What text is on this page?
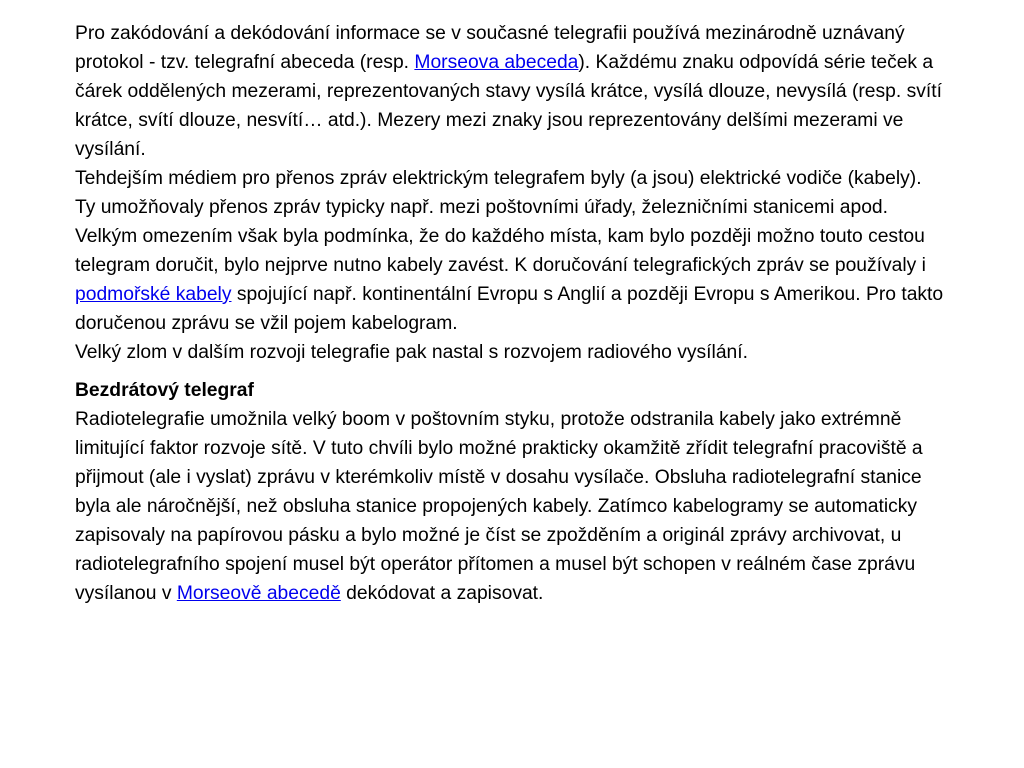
Pro zakódování a dekódování informace se v současné telegrafii používá mezinárodně uznávaný protokol - tzv. telegrafní abeceda (resp. Morseova abeceda). Každému znaku odpovídá série teček a čárek oddělených mezerami, reprezentovaných stavy vysílá krátce, vysílá dlouze, nevysílá (resp. svítí krátce, svítí dlouze, nesvítí… atd.). Mezery mezi znaky jsou reprezentovány delšími mezerami ve vysílání.

Tehdejším médiem pro přenos zpráv elektrickým telegrafem byly (a jsou) elektrické vodiče (kabely). Ty umožňovaly přenos zpráv typicky např. mezi poštovními úřady, železničními stanicemi apod. Velkým omezením však byla podmínka, že do každého místa, kam bylo později možno touto cestou telegram doručit, bylo nejprve nutno kabely zavést. K doručování telegrafických zpráv se používaly i podmořské kabely spojující např. kontinentální Evropu s Anglií a později Evropu s Amerikou. Pro takto doručenou zprávu se vžil pojem kabelogram.

Velký zlom v dalším rozvoji telegrafie pak nastal s rozvojem radiového vysílání.

Bezdrátový telegraf

Radiotelegrafie umožnila velký boom v poštovním styku, protože odstranila kabely jako extrémně limitující faktor rozvoje sítě. V tuto chvíli bylo možné prakticky okamžitě zřídit telegrafní pracoviště a přijmout (ale i vyslat) zprávu v kterémkoliv místě v dosahu vysílače. Obsluha radiotelegrafní stanice byla ale náročnější, než obsluha stanice propojených kabely. Zatímco kabelogramy se automaticky zapisovaly na papírovou pásku a bylo možné je číst se zpožděním a originál zprávy archivovat, u radiotelegrafního spojení musel být operátor přítomen a musel být schopen v reálném čase zprávu vysílanou v Morseově abecedě dekódovat a zapisovat.
